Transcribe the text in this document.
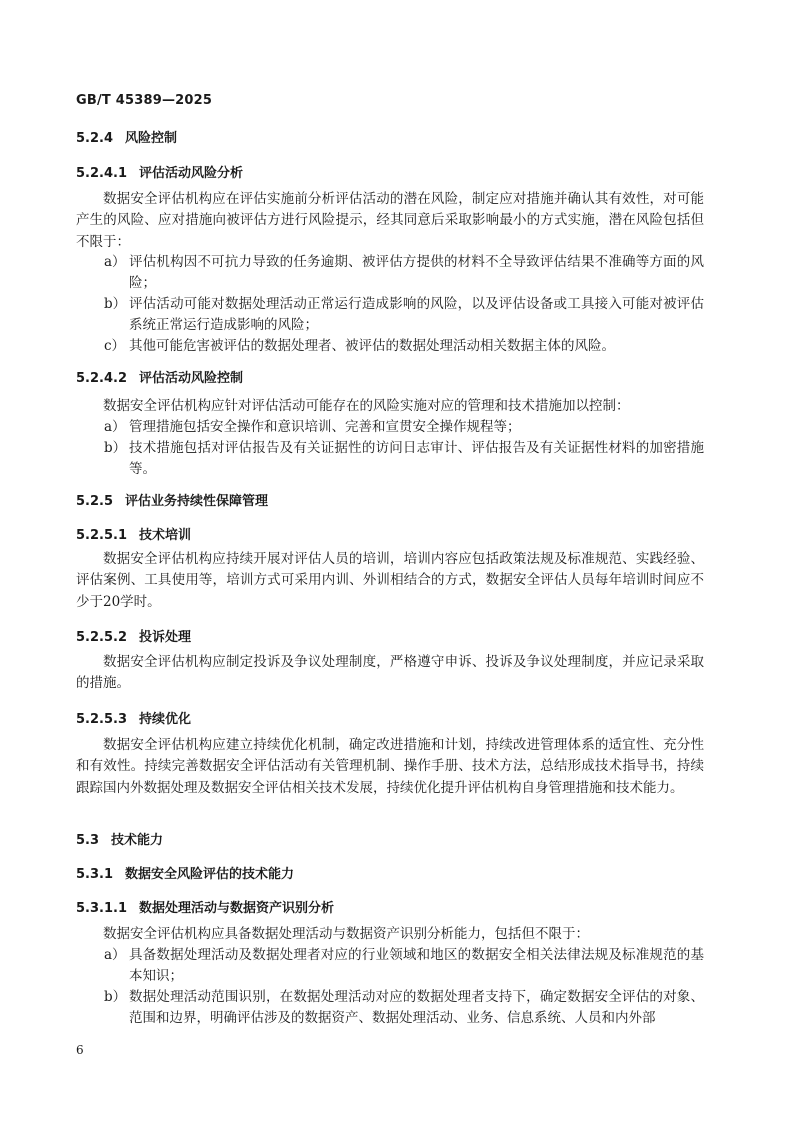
GB/T 45389—2025
5.2.4 风险控制
5.2.4.1 评估活动风险分析

数据安全评估机构应在评估实施前分析评估活动的潜在风险，制定应对措施并确认其有效性，对可能产生的风险、应对措施向被评估方进行风险提示，经其同意后采取影响最小的方式实施，潜在风险包括但不限于：

a） 评估机构因不可抗力导致的任务逾期、被评估方提供的材料不全导致评估结果不准确等方面的风险；
b） 评估活动可能对数据处理活动正常运行造成影响的风险，以及评估设备或工具接入可能对被评估系统正常运行造成影响的风险；
c） 其他可能危害被评估的数据处理者、被评估的数据处理活动相关数据主体的风险。
5.2.4.2 评估活动风险控制

数据安全评估机构应针对评估活动可能存在的风险实施对应的管理和技术措施加以控制：

a） 管理措施包括安全操作和意识培训、完善和宣贯安全操作规程等；
b） 技术措施包括对评估报告及有关证据性的访问日志审计、评估报告及有关证据性材料的加密措施等。
5.2.5 评估业务持续性保障管理
5.2.5.1 技术培训

数据安全评估机构应持续开展对评估人员的培训，培训内容应包括政策法规及标准规范、实践经验、评估案例、工具使用等，培训方式可采用内训、外训相结合的方式，数据安全评估人员每年培训时间应不少于20学时。

5.2.5.2 投诉处理

数据安全评估机构应制定投诉及争议处理制度，严格遵守申诉、投诉及争议处理制度，并应记录采取的措施。

5.2.5.3 持续优化

数据安全评估机构应建立持续优化机制，确定改进措施和计划，持续改进管理体系的适宜性、充分性和有效性。持续完善数据安全评估活动有关管理机制、操作手册、技术方法，总结形成技术指导书，持续跟踪国内外数据处理及数据安全评估相关技术发展，持续优化提升评估机构自身管理措施和技术能力。

5.3 技术能力
5.3.1 数据安全风险评估的技术能力
5.3.1.1 数据处理活动与数据资产识别分析

数据安全评估机构应具备数据处理活动与数据资产识别分析能力，包括但不限于：

a） 具备数据处理活动及数据处理者对应的行业领域和地区的数据安全相关法律法规及标准规范的基本知识；
b） 数据处理活动范围识别，在数据处理活动对应的数据处理者支持下，确定数据安全评估的对象、范围和边界，明确评估涉及的数据资产、数据处理活动、业务、信息系统、人员和内外部
6
